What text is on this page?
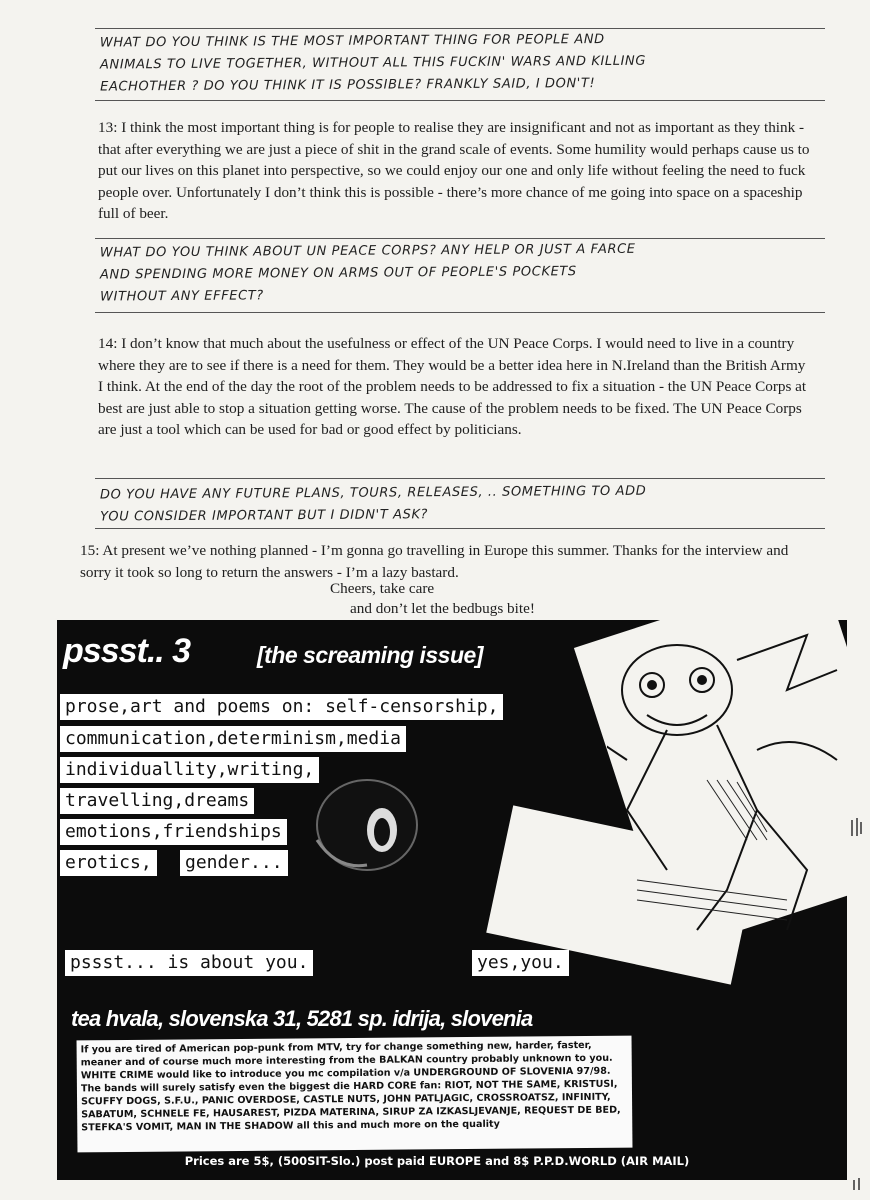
WHAT DO YOU THINK IS THE MOST IMPORTANT THING FOR PEOPLE AND
ANIMALS TO LIVE TOGETHER, WITHOUT ALL THIS FUCKIN' WARS AND KILLING
EACHOTHER ? DO YOU THINK IT IS POSSIBLE? FRANKLY SAID, I DON'T!
13: I think the most important thing is for people to realise they are insignificant and not as important as they think - that after everything we are just a piece of shit in the grand scale of events. Some humility would perhaps cause us to put our lives on this planet into perspective, so we could enjoy our one and only life without feeling the need to fuck people over. Unfortunately I don’t think this is possible - there’s more chance of me going into space on a spaceship full of beer.
WHAT DO YOU THINK ABOUT UN PEACE CORPS? ANY HELP OR JUST A FARCE
AND SPENDING MORE MONEY ON ARMS OUT OF PEOPLE'S POCKETS
WITHOUT ANY EFFECT?
14: I don’t know that much about the usefulness or effect of the UN Peace Corps. I would need to live in a country where they are to see if there is a need for them. They would be a better idea here in N.Ireland than the British Army I think. At the end of the day the root of the problem needs to be addressed to fix a situation - the UN Peace Corps at best are just able to stop a situation getting worse. The cause of the problem needs to be fixed. The UN Peace Corps are just a tool which can be used for bad or good effect by politicians.
DO YOU HAVE ANY FUTURE PLANS, TOURS, RELEASES, .. SOMETHING TO ADD
YOU CONSIDER IMPORTANT BUT I DIDN'T ASK?
15: At present we’ve nothing planned - I’m gonna go travelling in Europe this summer. Thanks for the interview and sorry it took so long to return the answers - I’m a lazy bastard.
Cheers, take care
and don’t let the bedbugs bite!
pssst.. 3	[the screaming issue]
prose,art and poems on: self-censorship,
communication,determinism,media
individuallity,writing,
travelling,dreams
emotions,friendships
erotics, gender...
pssst... is about you.	yes,you.
tea hvala, slovenska 31, 5281 sp. idrija, slovenia
If you are tired of American pop-punk from MTV, try for change something new, harder, faster, meaner and of course much more interesting from the BALKAN country probably unknown to you. WHITE CRIME would like to introduce you mc compilation v/a UNDERGROUND OF SLOVENIA 97/98. The bands will surely satisfy even the biggest die HARD CORE fan: RIOT, NOT THE SAME, KRISTUSI, SCUFFY DOGS, S.F.U., PANIC OVERDOSE, CASTLE NUTS, JOHN PATLJAGIC, CROSSROATSZ, INFINITY, SABATUM, SCHNELE FE, HAUSAREST, PIZDA MATERINA, SIRUP ZA IZKASLJEVANJE, REQUEST DE BED, STEFKA'S VOMIT, MAN IN THE SHADOW all this and much more on the quality
Prices are 5$, (500SIT-Slo.) post paid EUROPE and 8$ P.P.D.WORLD (AIR MAIL)
